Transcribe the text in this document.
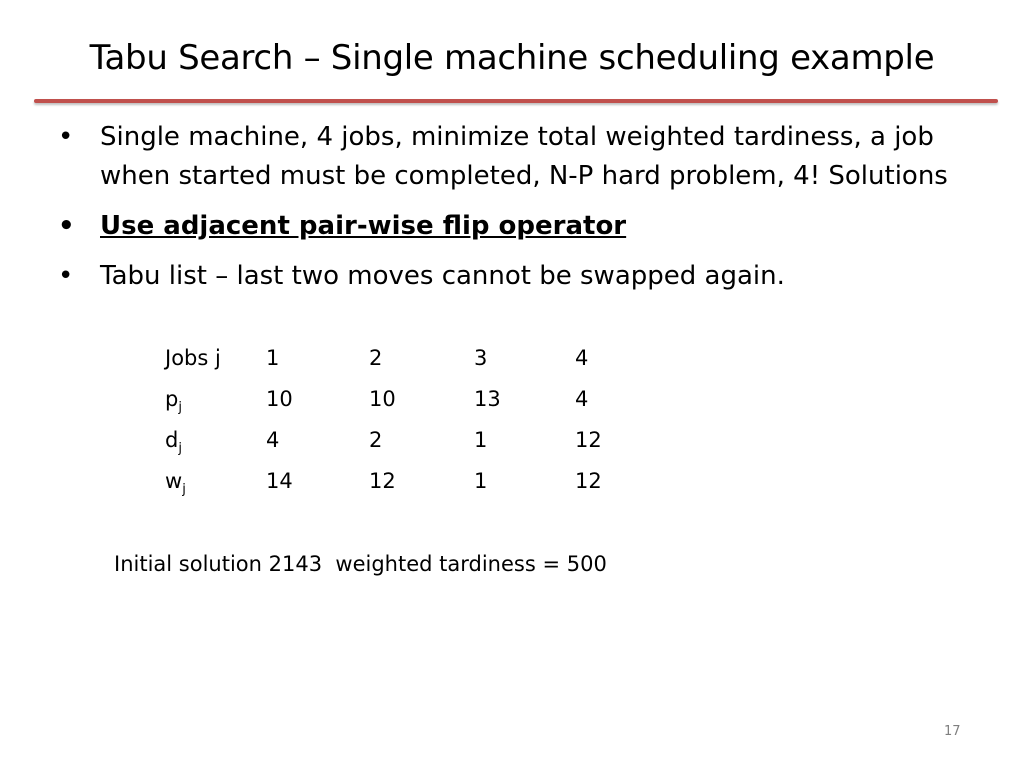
Tabu Search – Single machine scheduling example
• Single machine, 4 jobs, minimize total weighted tardiness, a job when started must be completed, N-P hard problem, 4! Solutions
• Use adjacent pair-wise flip operator
• Tabu list – last two moves cannot be swapped again.
Jobs j 1	2	3	4
$p_j$	10	10	13	4
$d_j$	4	2	1	12
$w_j$	14	12	1	12
Initial solution 2143  weighted tardiness = 500
17
